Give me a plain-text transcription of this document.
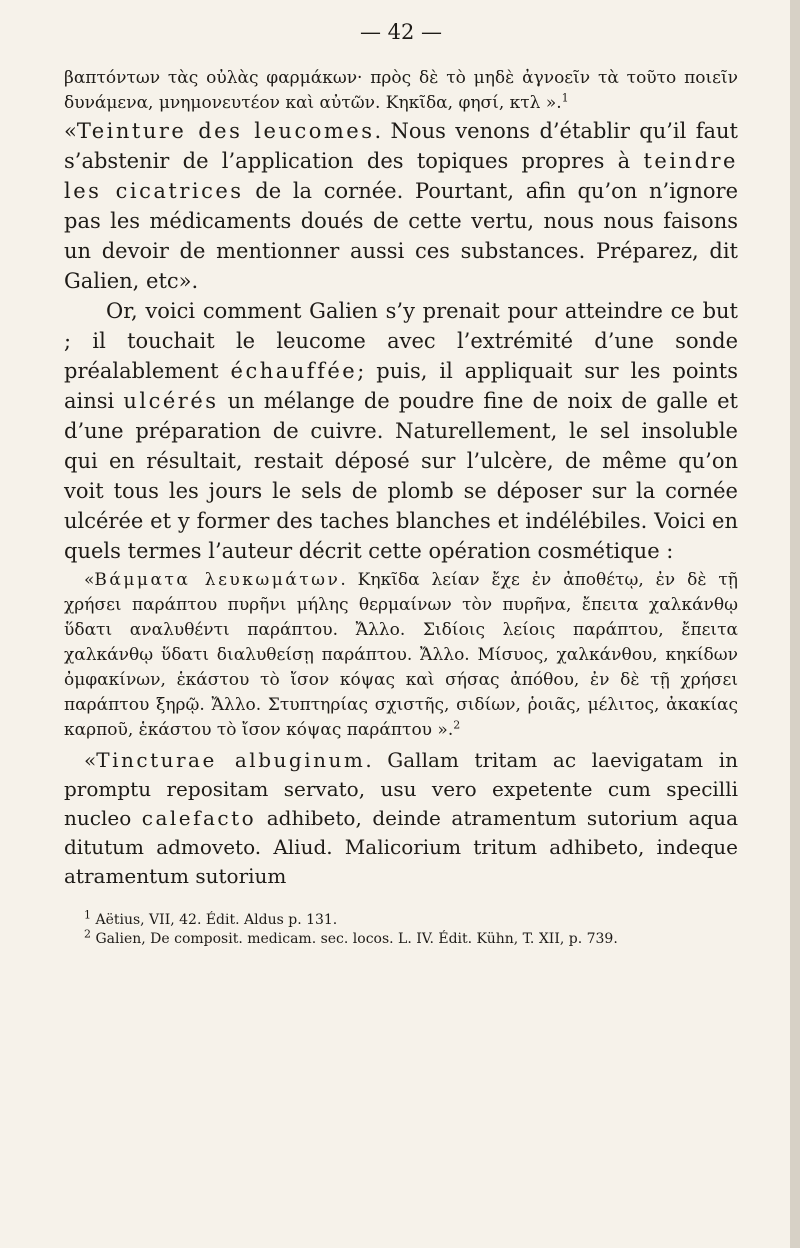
— 42 —

βαπτόντων τὰς οὐλὰς φαρμάκων· πρὸς δὲ τὸ μηδὲ ἀγνοεῖν τὰ τοῦτο ποιεῖν δυνάμενα, μνημονευτέον καὶ αὐτῶν. Κηκῖδα, φησί, κτλ ».$^1$

«Teinture des leucomes. Nous venons d’établir qu’il faut s’abstenir de l’application des topiques propres à teindre les cicatrices de la cornée. Pourtant, afin qu’on n’ignore pas les médicaments doués de cette vertu, nous nous faisons un devoir de mentionner aussi ces substances. Préparez, dit Galien, etc».

Or, voici comment Galien s’y prenait pour atteindre ce but ; il touchait le leucome avec l’extrémité d’une sonde préalablement échauffée; puis, il appliquait sur les points ainsi ulcérés un mélange de poudre fine de noix de galle et d’une préparation de cuivre. Naturellement, le sel insoluble qui en résultait, restait déposé sur l’ulcère, de même qu’on voit tous les jours le sels de plomb se déposer sur la cornée ulcérée et y former des taches blanches et indélébiles. Voici en quels termes l’auteur décrit cette opération cosmétique :

«Βάμματα λευκωμάτων. Κηκῖδα λείαν ἔχε ἐν ἀποθέτῳ, ἐν δὲ τῇ χρήσει παράπτου πυρῆνι μήλης θερμαίνων τὸν πυρῆνα, ἔπειτα χαλκάνθῳ ὕδατι αναλυθέντι παράπτου. Ἄλλο. Σιδίοις λείοις παράπτου, ἔπειτα χαλκάνθῳ ὕδατι διαλυθείσῃ παράπτου. Ἄλλο. Μίσυος, χαλκάνθου, κηκίδων ὀμφακίνων, ἑκάστου τὸ ἴσον κόψας καὶ σήσας ἀπόθου, ἐν δὲ τῇ χρήσει παράπτου ξηρῷ. Ἄλλο. Στυπτηρίας σχιστῆς, σιδίων, ῥοιᾶς, μέλιτος, ἀκακίας καρποῦ, ἑκάστου τὸ ἴσον κόψας παράπτου ».$^2$

«Tincturae albuginum. Gallam tritam ac laevigatam in promptu repositam servato, usu vero expetente cum specilli nucleo calefacto adhibeto, deinde atramentum sutorium aqua ditutum admoveto. Aliud. Malicorium tritum adhibeto, indeque atramentum sutorium

$^1$ Aëtius, VII, 42. Édit. Aldus p. 131.

$^2$ Galien, De composit. medicam. sec. locos. L. IV. Édit. Kühn, T. XII, p. 739.
